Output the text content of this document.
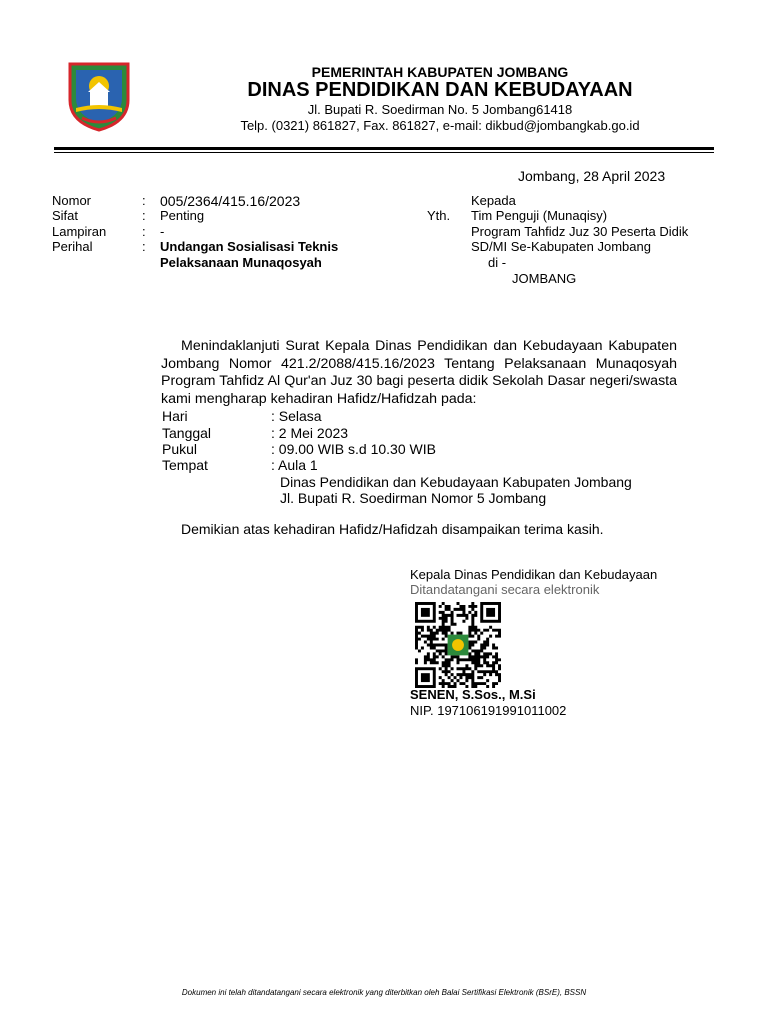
PEMERINTAH KABUPATEN JOMBANG
DINAS PENDIDIKAN DAN KEBUDAYAAN
Jl. Bupati R. Soedirman No. 5 Jombang61418
Telp. (0321) 861827, Fax. 861827, e-mail: dikbud@jombangkab.go.id
Jombang, 28 April 2023
Nomor	: 005/2364/415.16/2023
Sifat	: Penting
Lampiran	: -
Perihal	: Undangan Sosialisasi Teknis
Pelaksanaan Munaqosyah
Kepada
Yth. Tim Penguji (Munaqisy)
Program Tahfidz Juz 30 Peserta Didik
SD/MI Se-Kabupaten Jombang
di -
JOMBANG
Menindaklanjuti Surat Kepala Dinas Pendidikan dan Kebudayaan Kabupaten Jombang Nomor 421.2/2088/415.16/2023 Tentang Pelaksanaan Munaqosyah Program Tahfidz Al Qur'an Juz 30 bagi peserta didik Sekolah Dasar negeri/swasta kami mengharap kehadiran Hafidz/Hafidzah pada:
Hari	: Selasa
Tanggal	: 2 Mei 2023
Pukul	: 09.00 WIB s.d 10.30 WIB
Tempat	: Aula 1
Dinas Pendidikan dan Kebudayaan Kabupaten Jombang
Jl. Bupati R. Soedirman Nomor 5 Jombang
Demikian atas kehadiran Hafidz/Hafidzah disampaikan terima kasih.
Kepala Dinas Pendidikan dan Kebudayaan
Ditandatangani secara elektronik
SENEN, S.Sos., M.Si
NIP. 197106191991011002
Dokumen ini telah ditandatangani secara elektronik yang diterbitkan oleh Balai Sertifikasi Elektronik (BSrE), BSSN
